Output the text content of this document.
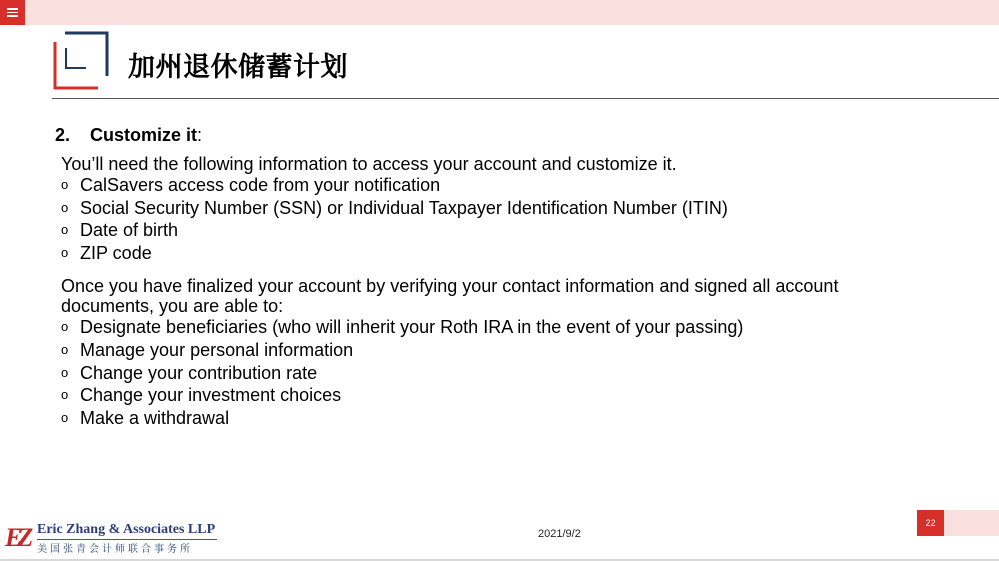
加州退休储蓄计划
2. Customize it:
You’ll need the following information to access your account and customize it.
o CalSavers access code from your notification
o Social Security Number (SSN) or Individual Taxpayer Identification Number (ITIN)
o Date of birth
o ZIP code
Once you have finalized your account by verifying your contact information and signed all account documents, you are able to:
o Designate beneficiaries (who will inherit your Roth IRA in the event of your passing)
o Manage your personal information
o Change your contribution rate
o Change your investment choices
o Make a withdrawal
EZ Eric Zhang & Associates LLP
美国张青会计师联合事务所
2021/9/2
22
